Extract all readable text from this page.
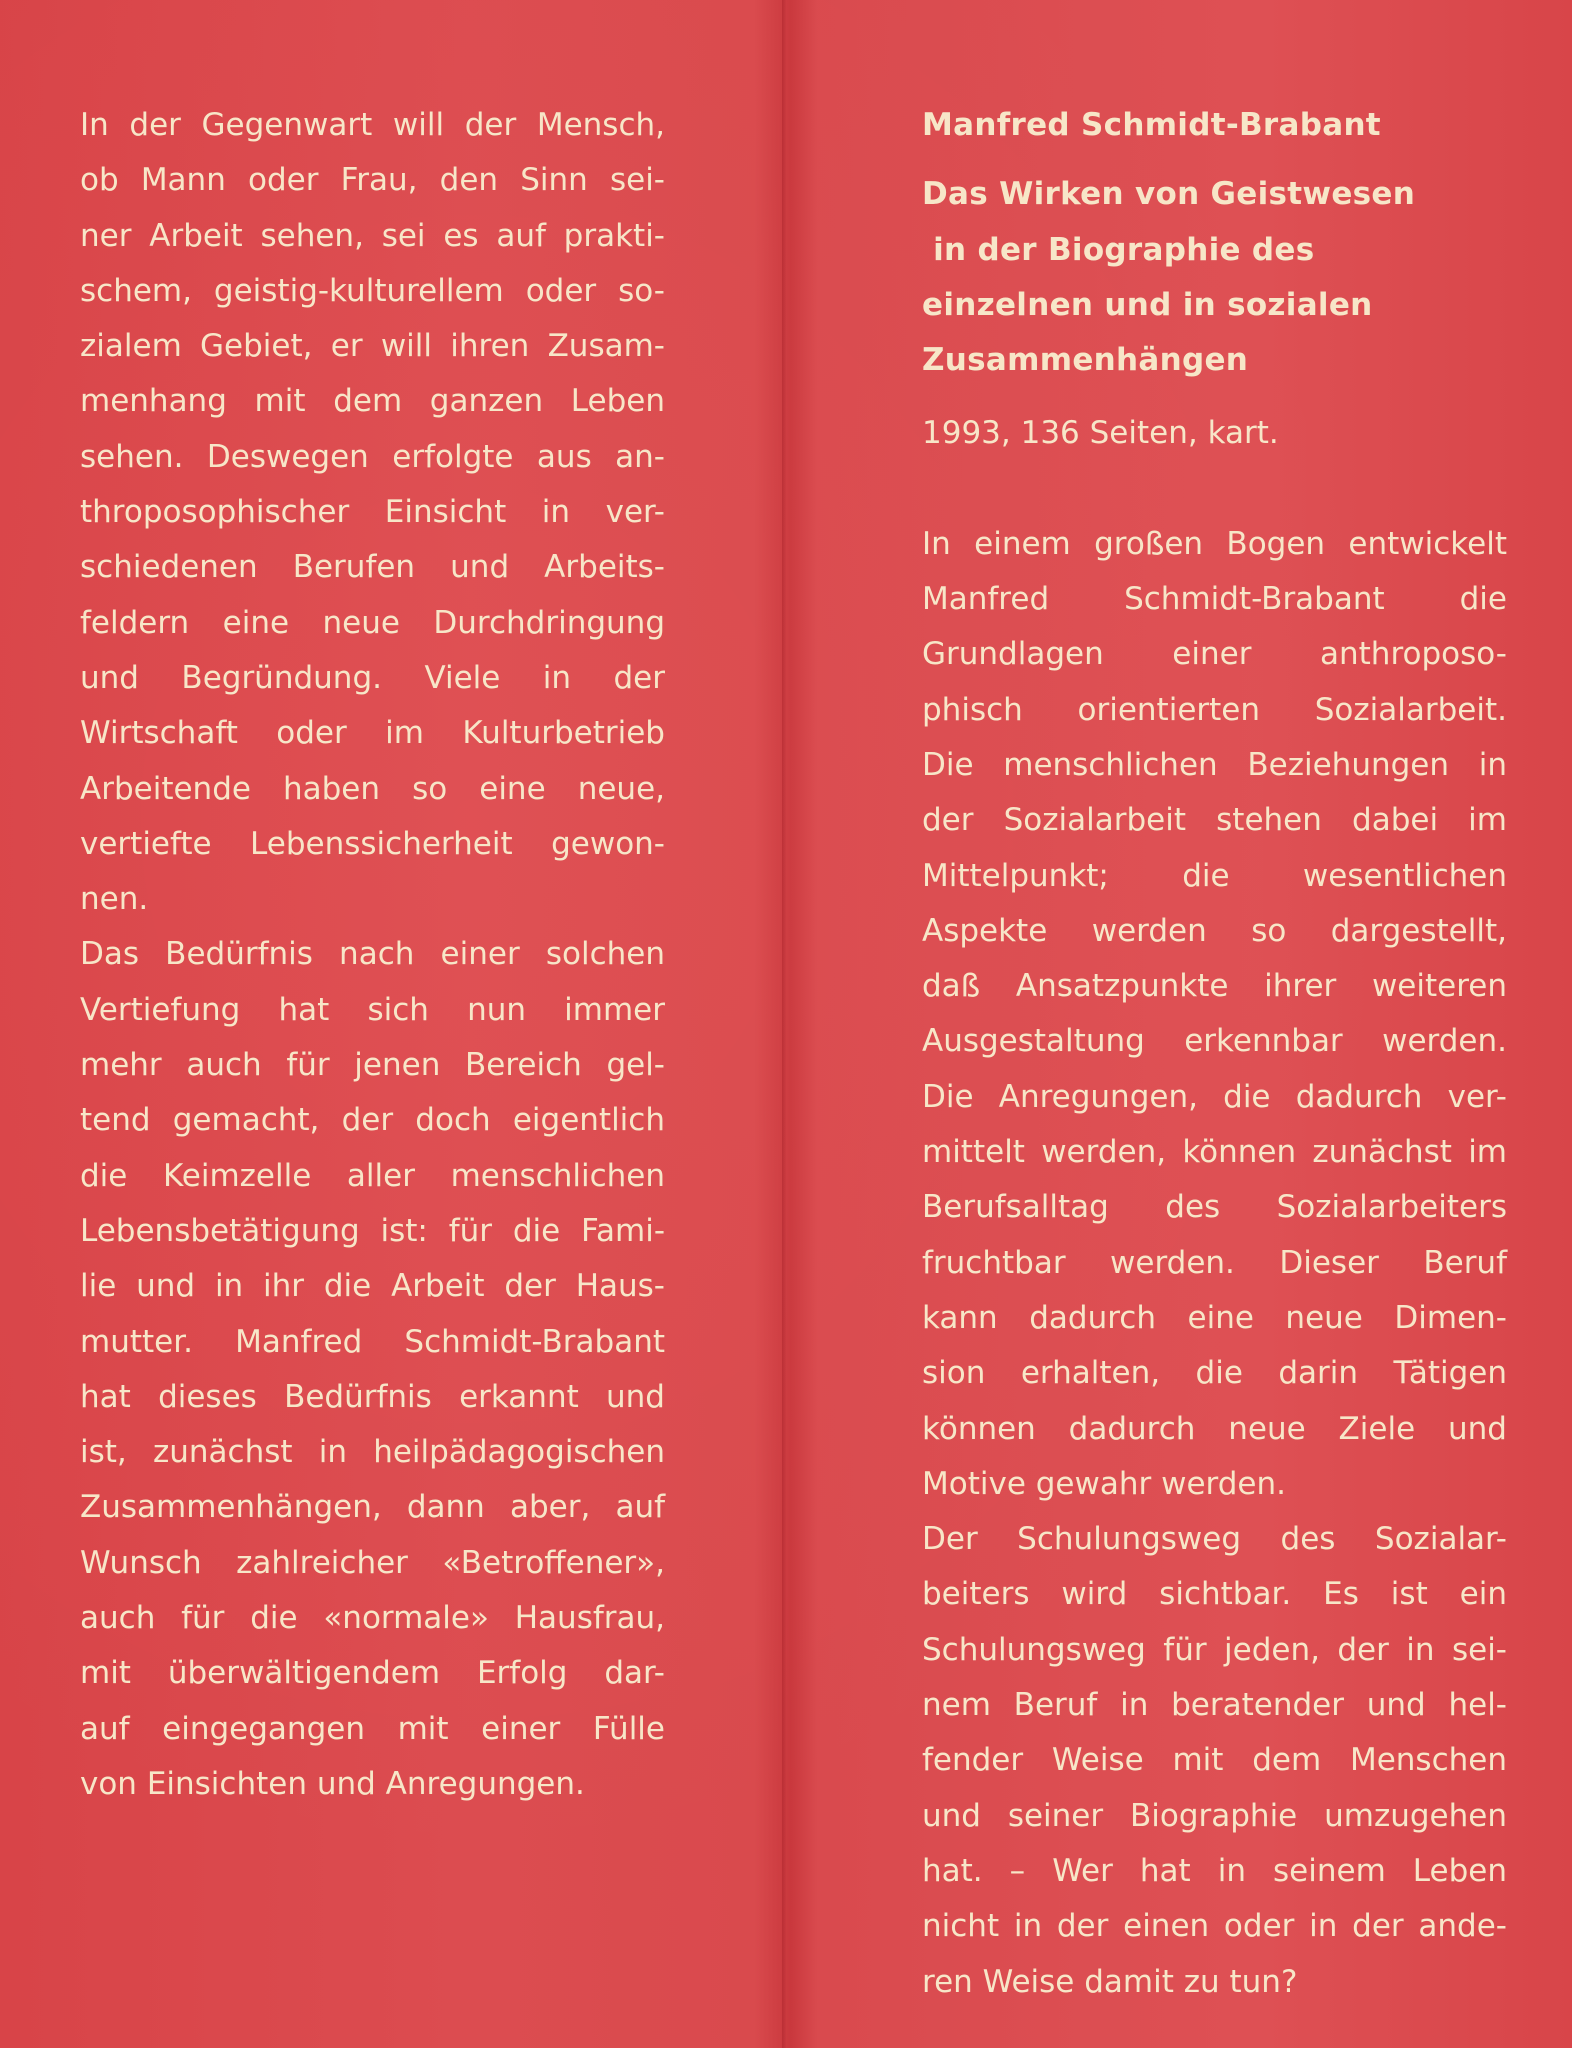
In der Gegenwart will der Mensch,
ob Mann oder Frau, den Sinn sei-
ner Arbeit sehen, sei es auf prakti-
schem, geistig-kulturellem oder so-
zialem Gebiet, er will ihren Zusam-
menhang mit dem ganzen Leben
sehen. Deswegen erfolgte aus an-
throposophischer Einsicht in ver-
schiedenen Berufen und Arbeits-
feldern eine neue Durchdringung
und Begründung. Viele in der
Wirtschaft oder im Kulturbetrieb
Arbeitende haben so eine neue,
vertiefte Lebenssicherheit gewon-
nen.
Das Bedürfnis nach einer solchen
Vertiefung hat sich nun immer
mehr auch für jenen Bereich gel-
tend gemacht, der doch eigentlich
die Keimzelle aller menschlichen
Lebensbetätigung ist: für die Fami-
lie und in ihr die Arbeit der Haus-
mutter. Manfred Schmidt-Brabant
hat dieses Bedürfnis erkannt und
ist, zunächst in heilpädagogischen
Zusammenhängen, dann aber, auf
Wunsch zahlreicher «Betroffener»,
auch für die «normale» Hausfrau,
mit überwältigendem Erfolg dar-
auf eingegangen mit einer Fülle
von Einsichten und Anregungen.
Manfred Schmidt-Brabant
Das Wirken von Geistwesen
in der Biographie des
einzelnen und in sozialen
Zusammenhängen
1993, 136 Seiten, kart.
In einem großen Bogen entwickelt
Manfred Schmidt-Brabant die
Grundlagen einer anthroposo-
phisch orientierten Sozialarbeit.
Die menschlichen Beziehungen in
der Sozialarbeit stehen dabei im
Mittelpunkt; die wesentlichen
Aspekte werden so dargestellt,
daß Ansatzpunkte ihrer weiteren
Ausgestaltung erkennbar werden.
Die Anregungen, die dadurch ver-
mittelt werden, können zunächst im
Berufsalltag des Sozialarbeiters
fruchtbar werden. Dieser Beruf
kann dadurch eine neue Dimen-
sion erhalten, die darin Tätigen
können dadurch neue Ziele und
Motive gewahr werden.
Der Schulungsweg des Sozialar-
beiters wird sichtbar. Es ist ein
Schulungsweg für jeden, der in sei-
nem Beruf in beratender und hel-
fender Weise mit dem Menschen
und seiner Biographie umzugehen
hat. – Wer hat in seinem Leben
nicht in der einen oder in der ande-
ren Weise damit zu tun?
